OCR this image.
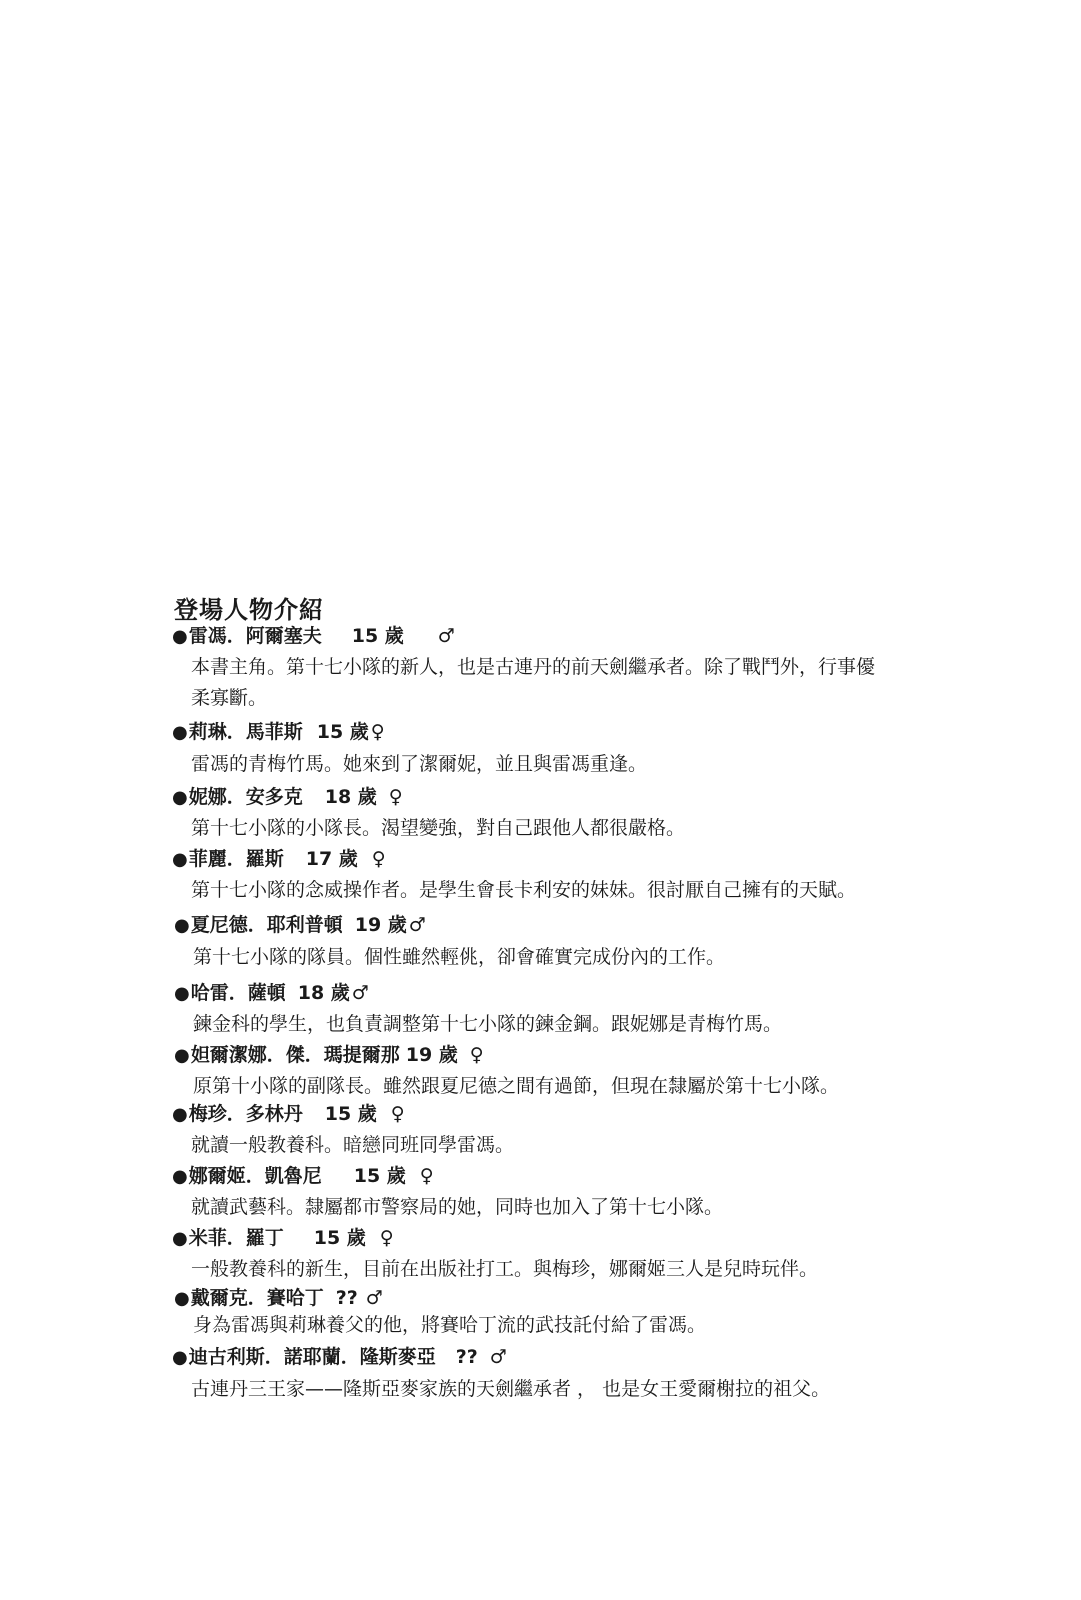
登場人物介紹
●雷馮．阿爾塞夫 15 歲 ♂
本書主角。第十七小隊的新人，也是古連丹的前天劍繼承者。除了戰鬥外，行事優
柔寡斷。
●莉琳．馬菲斯 15 歲 ♀
雷馮的青梅竹馬。她來到了潔爾妮，並且與雷馮重逢。
●妮娜．安多克 18 歲 ♀
第十七小隊的小隊長。渴望變強，對自己跟他人都很嚴格。
●菲麗．羅斯 17 歲 ♀
第十七小隊的念威操作者。是學生會長卡利安的妹妹。很討厭自己擁有的天賦。
●夏尼德．耶利普頓 19 歲 ♂
第十七小隊的隊員。個性雖然輕佻，卻會確實完成份內的工作。
●哈雷．薩頓 18 歲 ♂
鍊金科的學生，也負責調整第十七小隊的鍊金鋼。跟妮娜是青梅竹馬。
●妲爾潔娜．傑．瑪提爾那 19 歲 ♀
原第十小隊的副隊長。雖然跟夏尼德之間有過節，但現在隸屬於第十七小隊。
●梅珍．多林丹 15 歲 ♀
就讀一般教養科。暗戀同班同學雷馮。
●娜爾姬．凱魯尼 15 歲 ♀
就讀武藝科。隸屬都市警察局的她，同時也加入了第十七小隊。
●米菲．羅丁 15 歲 ♀
一般教養科的新生，目前在出版社打工。與梅珍，娜爾姬三人是兒時玩伴。
●戴爾克．賽哈丁 ?? ♂
身為雷馮與莉琳養父的他，將賽哈丁流的武技託付給了雷馮。
●迪古利斯．諾耶蘭．隆斯麥亞 ?? ♂
古連丹三王家——隆斯亞麥家族的天劍繼承者 ， 也是女王愛爾榭拉的祖父。
